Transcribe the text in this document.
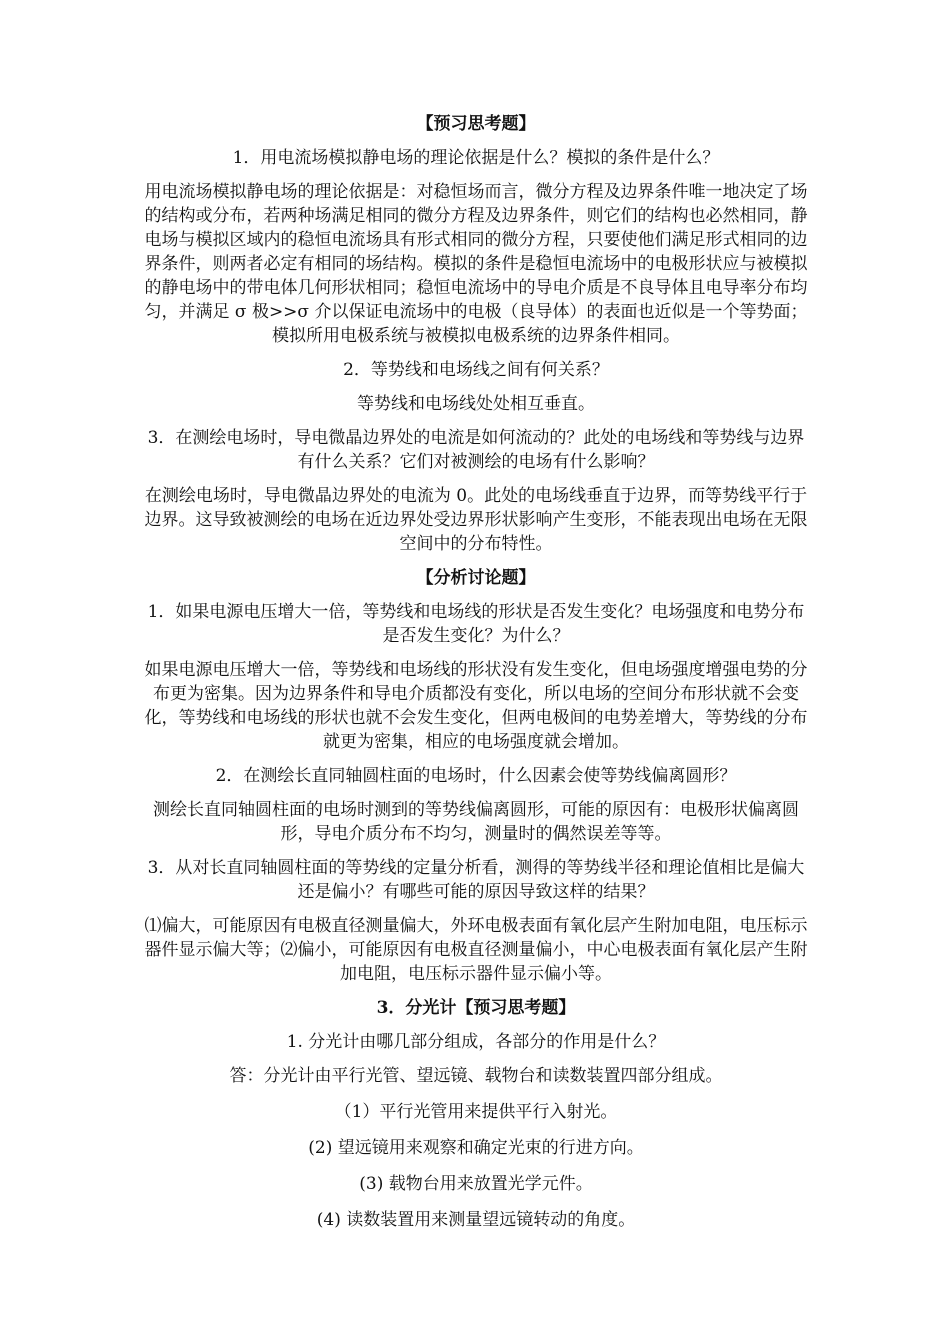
【预习思考题】

1．用电流场模拟静电场的理论依据是什么？模拟的条件是什么？

用电流场模拟静电场的理论依据是：对稳恒场而言，微分方程及边界条件唯一地决定了场的结构或分布，若两种场满足相同的微分方程及边界条件，则它们的结构也必然相同，静电场与模拟区域内的稳恒电流场具有形式相同的微分方程，只要使他们满足形式相同的边界条件，则两者必定有相同的场结构。模拟的条件是稳恒电流场中的电极形状应与被模拟的静电场中的带电体几何形状相同；稳恒电流场中的导电介质是不良导体且电导率分布均匀，并满足 σ 极>>σ 介以保证电流场中的电极（良导体）的表面也近似是一个等势面；模拟所用电极系统与被模拟电极系统的边界条件相同。

2．等势线和电场线之间有何关系？

等势线和电场线处处相互垂直。

3．在测绘电场时，导电微晶边界处的电流是如何流动的？此处的电场线和等势线与边界有什么关系？它们对被测绘的电场有什么影响？

在测绘电场时，导电微晶边界处的电流为 0。此处的电场线垂直于边界，而等势线平行于边界。这导致被测绘的电场在近边界处受边界形状影响产生变形，不能表现出电场在无限空间中的分布特性。

【分析讨论题】

1．如果电源电压增大一倍，等势线和电场线的形状是否发生变化？电场强度和电势分布是否发生变化？为什么？

如果电源电压增大一倍，等势线和电场线的形状没有发生变化，但电场强度增强电势的分布更为密集。因为边界条件和导电介质都没有变化，所以电场的空间分布形状就不会变化，等势线和电场线的形状也就不会发生变化，但两电极间的电势差增大，等势线的分布就更为密集，相应的电场强度就会增加。

2．在测绘长直同轴圆柱面的电场时，什么因素会使等势线偏离圆形？

测绘长直同轴圆柱面的电场时测到的等势线偏离圆形，可能的原因有：电极形状偏离圆形，导电介质分布不均匀，测量时的偶然误差等等。

3．从对长直同轴圆柱面的等势线的定量分析看，测得的等势线半径和理论值相比是偏大还是偏小？有哪些可能的原因导致这样的结果？

⑴偏大，可能原因有电极直径测量偏大，外环电极表面有氧化层产生附加电阻，电压标示器件显示偏大等；⑵偏小，可能原因有电极直径测量偏小，中心电极表面有氧化层产生附加电阻，电压标示器件显示偏小等。

3．分光计【预习思考题】

1. 分光计由哪几部分组成，各部分的作用是什么？

答：分光计由平行光管、望远镜、载物台和读数装置四部分组成。

（1）平行光管用来提供平行入射光。

(2) 望远镜用来观察和确定光束的行进方向。

(3) 载物台用来放置光学元件。

(4) 读数装置用来测量望远镜转动的角度。
